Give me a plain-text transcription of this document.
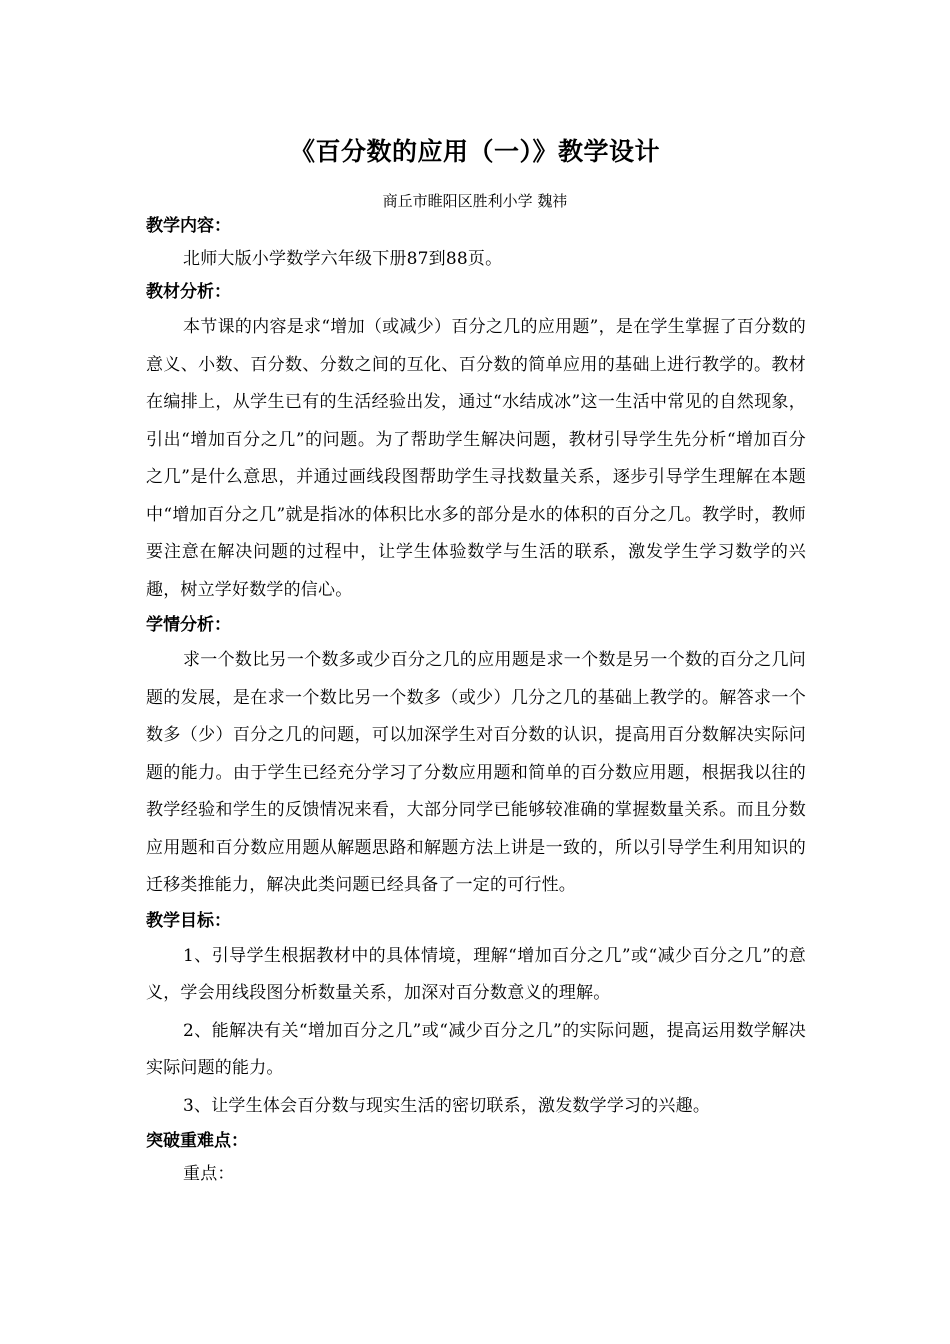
《百分数的应用（一）》教学设计
商丘市睢阳区胜利小学 魏祎
教学内容：

北师大版小学数学六年级下册87到88页。

教材分析：

本节课的内容是求“增加（或减少）百分之几的应用题”，是在学生掌握了百分数的意义、小数、百分数、分数之间的互化、百分数的简单应用的基础上进行教学的。教材在编排上，从学生已有的生活经验出发，通过“水结成冰”这一生活中常见的自然现象，引出“增加百分之几”的问题。为了帮助学生解决问题，教材引导学生先分析“增加百分之几”是什么意思，并通过画线段图帮助学生寻找数量关系，逐步引导学生理解在本题中“增加百分之几”就是指冰的体积比水多的部分是水的体积的百分之几。教学时，教师要注意在解决问题的过程中，让学生体验数学与生活的联系，激发学生学习数学的兴趣，树立学好数学的信心。

学情分析：

求一个数比另一个数多或少百分之几的应用题是求一个数是另一个数的百分之几问题的发展，是在求一个数比另一个数多（或少）几分之几的基础上教学的。解答求一个数多（少）百分之几的问题，可以加深学生对百分数的认识，提高用百分数解决实际问题的能力。由于学生已经充分学习了分数应用题和简单的百分数应用题，根据我以往的教学经验和学生的反馈情况来看，大部分同学已能够较准确的掌握数量关系。而且分数应用题和百分数应用题从解题思路和解题方法上讲是一致的，所以引导学生利用知识的迁移类推能力，解决此类问题已经具备了一定的可行性。

教学目标：

1、引导学生根据教材中的具体情境，理解“增加百分之几”或“减少百分之几”的意义，学会用线段图分析数量关系，加深对百分数意义的理解。

2、能解决有关“增加百分之几”或“减少百分之几”的实际问题，提高运用数学解决实际问题的能力。

3、让学生体会百分数与现实生活的密切联系，激发数学学习的兴趣。

突破重难点：

重点：
